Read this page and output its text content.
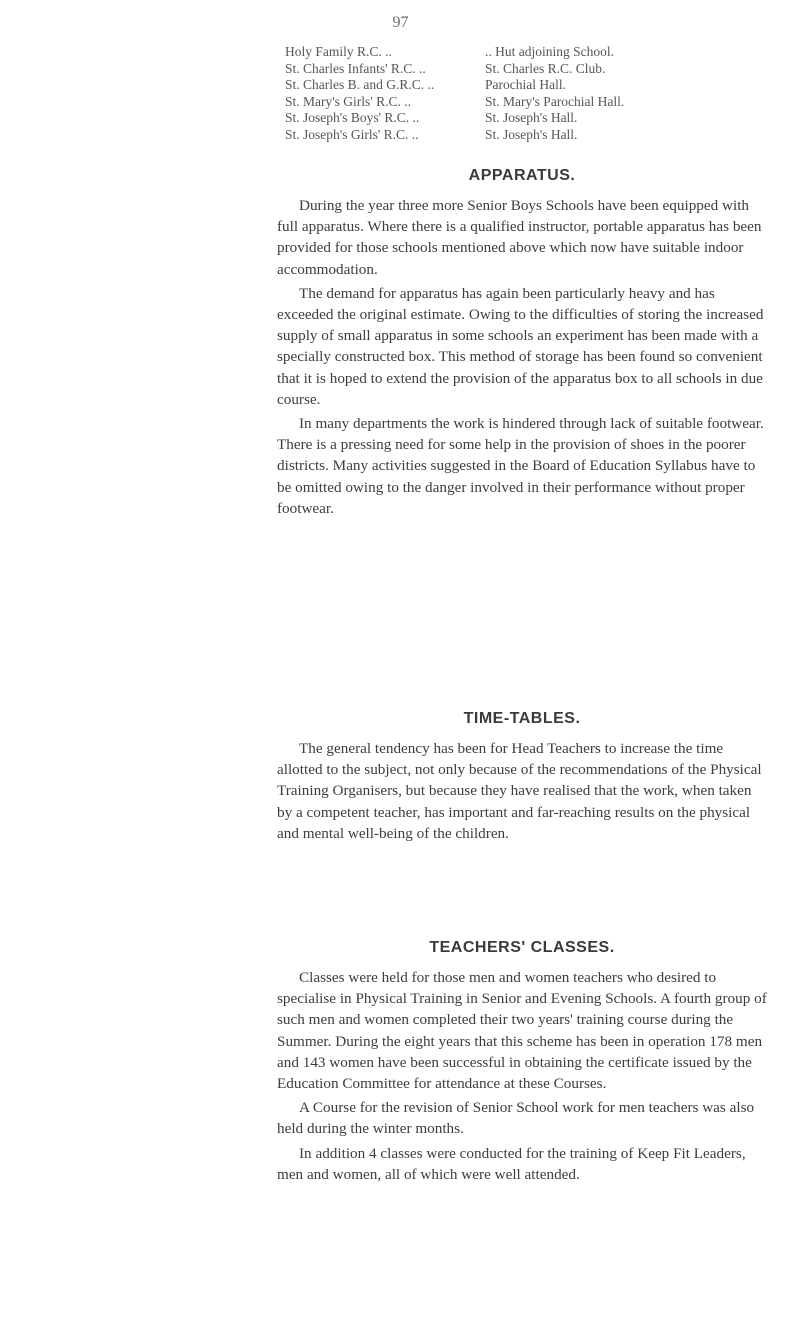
97
Holy Family R.C. ..	.. Hut adjoining School.
St. Charles Infants' R.C. ..	St. Charles R.C. Club.
St. Charles B. and G.R.C. ..	Parochial Hall.
St. Mary's Girls' R.C. ..	St. Mary's Parochial Hall.
St. Joseph's Boys' R.C. ..	St. Joseph's Hall.
St. Joseph's Girls' R.C. ..	St. Joseph's Hall.
APPARATUS.

During the year three more Senior Boys Schools have been equipped with full apparatus. Where there is a qualified instructor, portable apparatus has been provided for those schools mentioned above which now have suitable indoor accommodation.

The demand for apparatus has again been particularly heavy and has exceeded the original estimate. Owing to the difficulties of storing the increased supply of small apparatus in some schools an experiment has been made with a specially constructed box. This method of storage has been found so convenient that it is hoped to extend the provision of the apparatus box to all schools in due course.

In many departments the work is hindered through lack of suitable footwear. There is a pressing need for some help in the provision of shoes in the poorer districts. Many activities suggested in the Board of Education Syllabus have to be omitted owing to the danger involved in their performance without proper footwear.

TIME-TABLES.

The general tendency has been for Head Teachers to increase the time allotted to the subject, not only because of the recommendations of the Physical Training Organisers, but because they have realised that the work, when taken by a competent teacher, has important and far-reaching results on the physical and mental well-being of the children.

TEACHERS' CLASSES.

Classes were held for those men and women teachers who desired to specialise in Physical Training in Senior and Evening Schools. A fourth group of such men and women completed their two years' training course during the Summer. During the eight years that this scheme has been in operation 178 men and 143 women have been successful in obtaining the certificate issued by the Education Committee for attendance at these Courses.

A Course for the revision of Senior School work for men teachers was also held during the winter months.

In addition 4 classes were conducted for the training of Keep Fit Leaders, men and women, all of which were well attended.
